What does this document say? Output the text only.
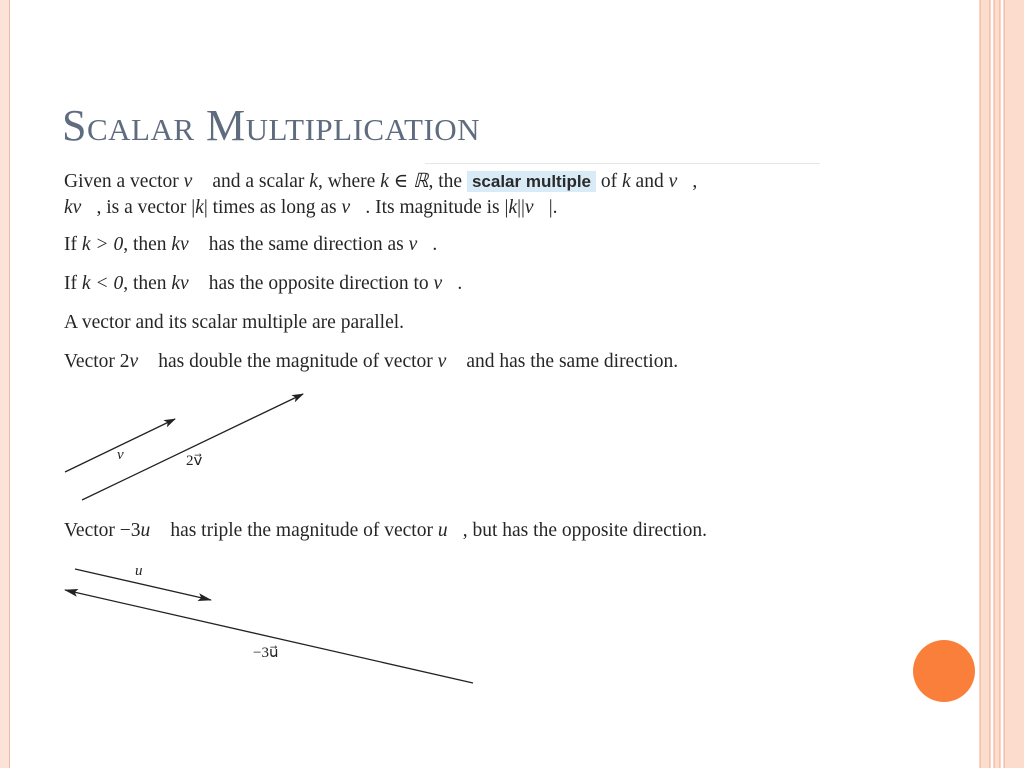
Scalar Multiplication
Given a vector v⃗ and a scalar k, where k ∈ ℝ, the scalar multiple of k and v⃗,
kv⃗, is a vector |k| times as long as v⃗. Its magnitude is |k||v⃗|.
If k > 0, then kv⃗ has the same direction as v⃗.
If k < 0, then kv⃗ has the opposite direction to v⃗.
A vector and its scalar multiple are parallel.
Vector 2v⃗ has double the magnitude of vector v⃗ and has the same direction.
Vector −3u⃗ has triple the magnitude of vector u⃗, but has the opposite direction.
v⃗	2v⃗
u⃗
−3u⃗
